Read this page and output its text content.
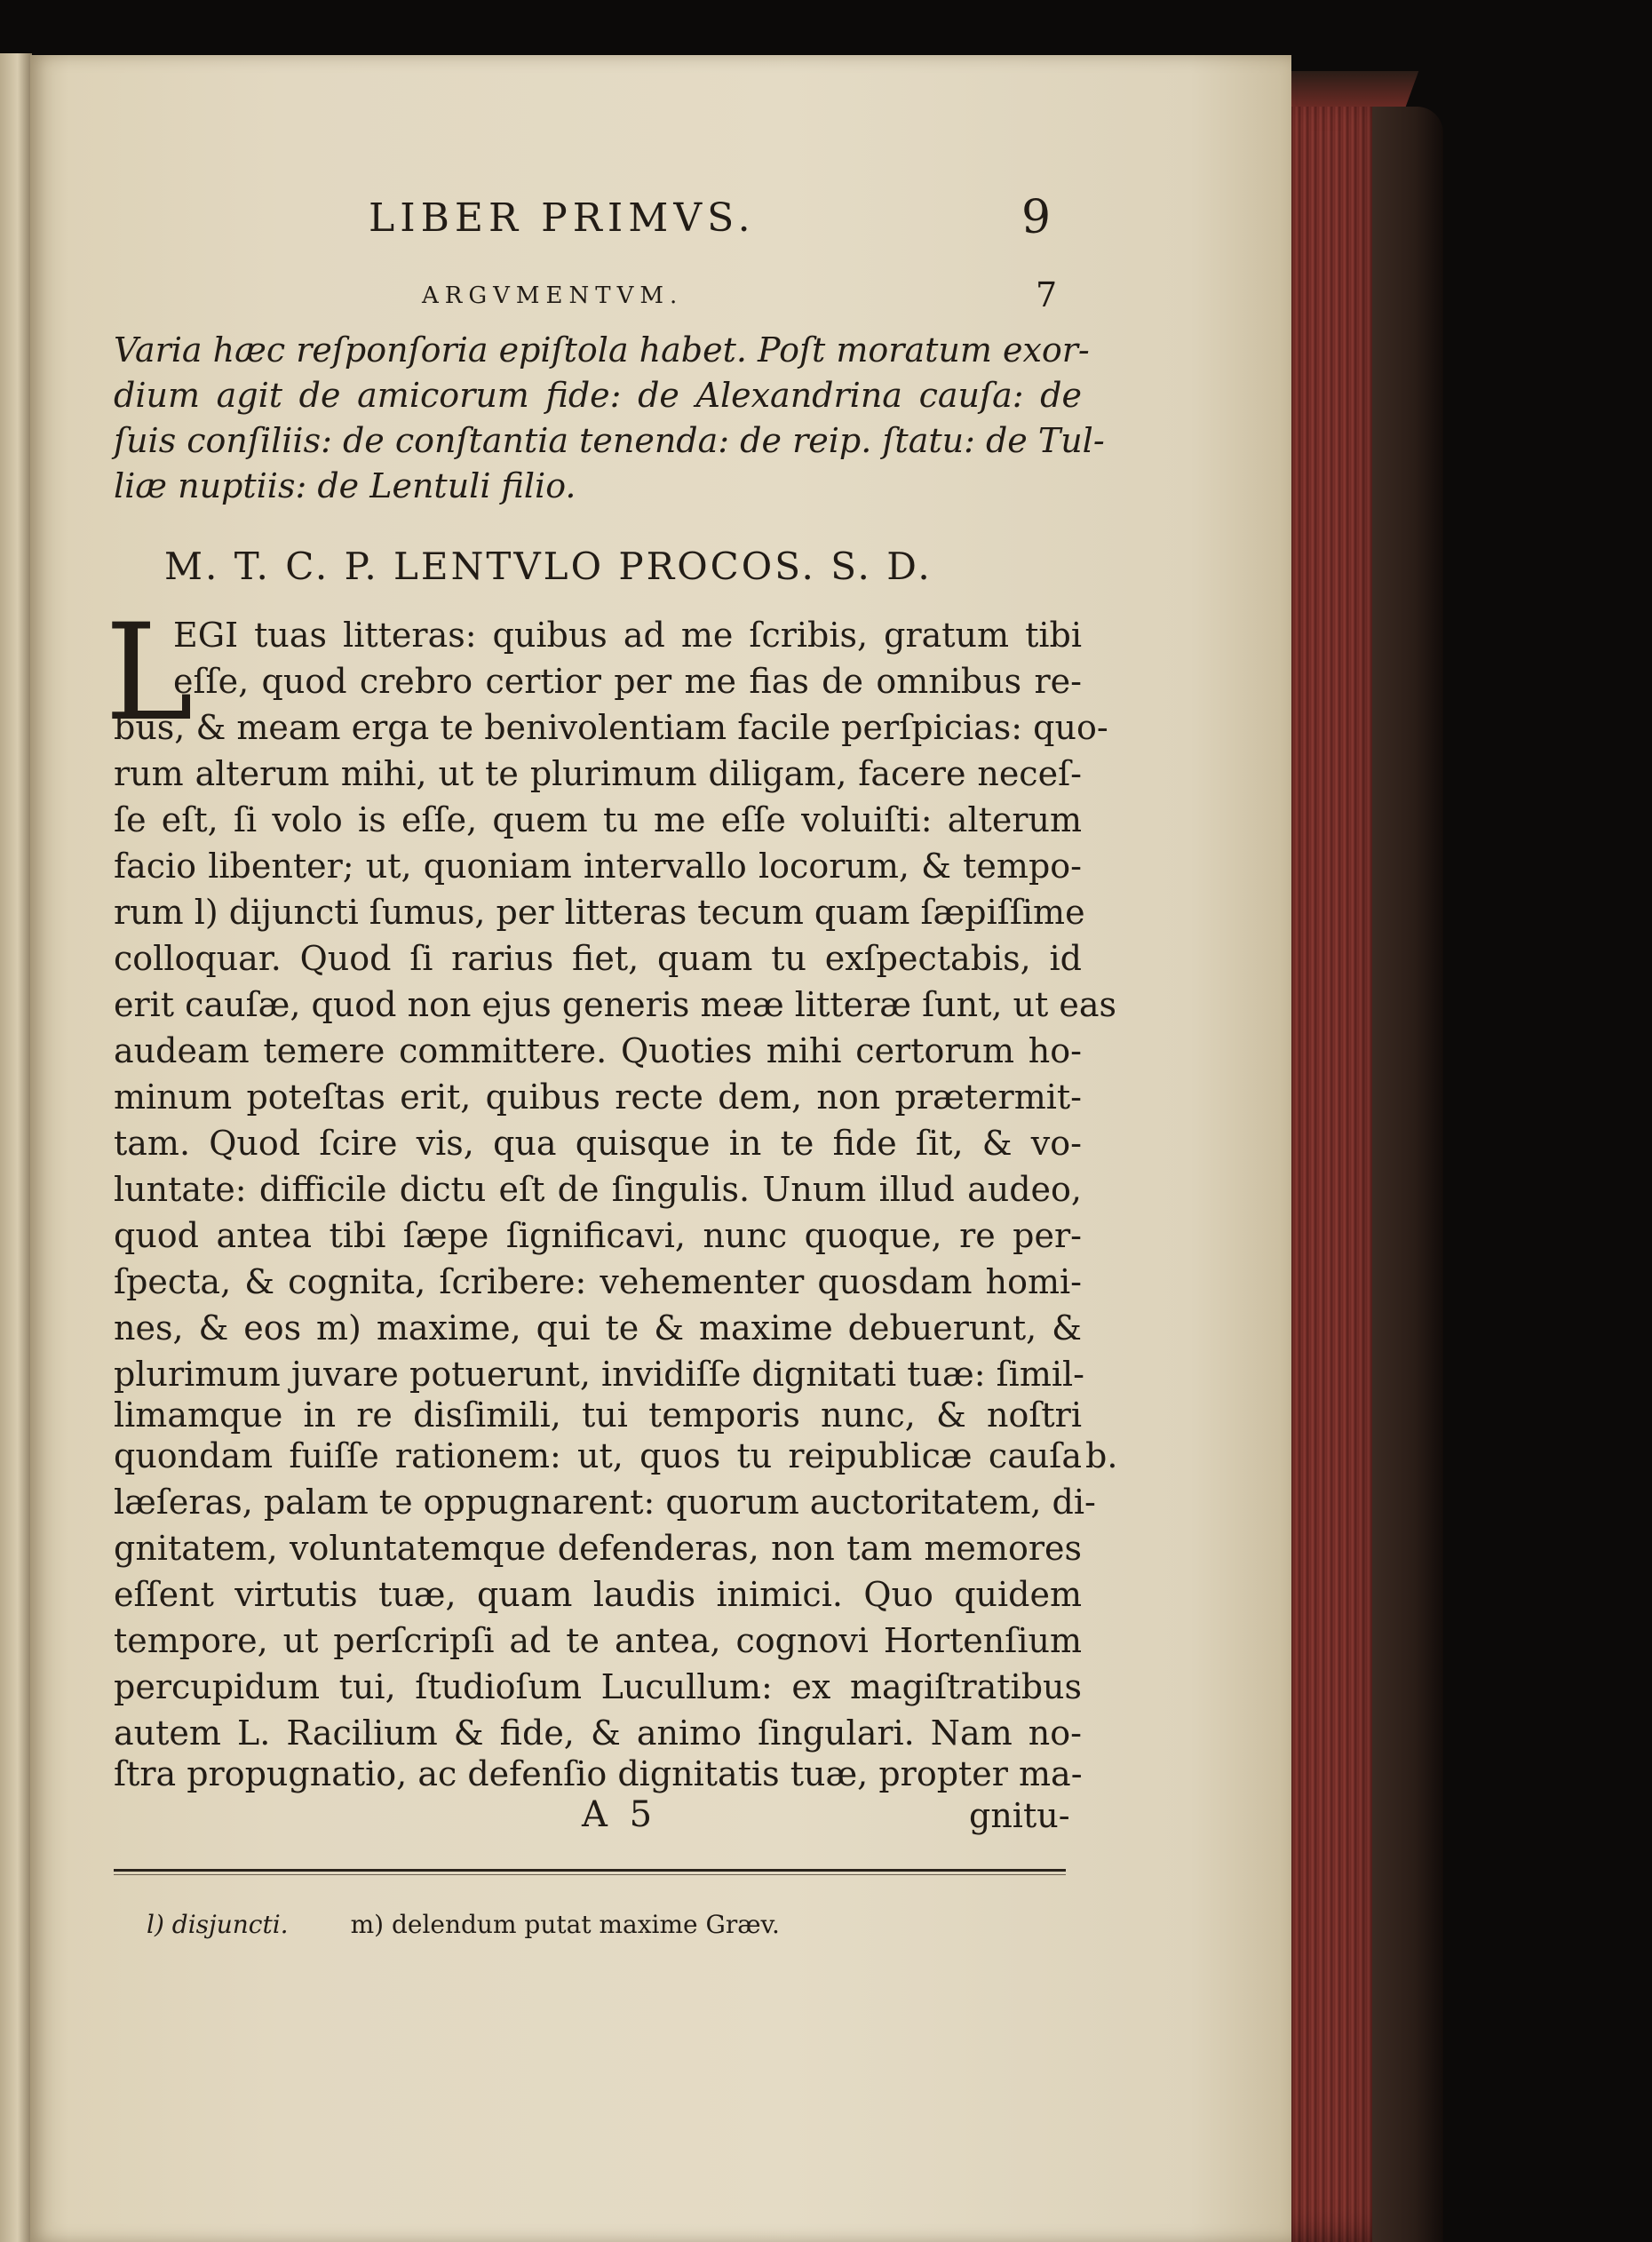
LIBER PRIMVS.	9
ARGVMENTVM.	7
Varia hæc reſponſoria epiſtola habet. Poſt moratum exor-
dium agit de amicorum fide: de Alexandrina cauſa: de
ſuis conſiliis: de conſtantia tenenda: de reip. ſtatu: de Tul-
liæ nuptiis: de Lentuli filio.
M. T. C. P. LENTVLO PROCOS. S. D.
L
EGI tuas litteras: quibus ad me ſcribis, gratum tibi
eſſe, quod crebro certior per me fias de omnibus re-
bus, & meam erga te benivolentiam facile perſpicias: quo-
rum alterum mihi, ut te plurimum diligam, facere neceſ-
ſe eſt, ſi volo is eſſe, quem tu me eſſe voluiſti: alterum
facio libenter; ut, quoniam intervallo locorum, & tempo-
rum l) dijuncti ſumus, per litteras tecum quam ſæpiſſime
colloquar. Quod ſi rarius fiet, quam tu exſpectabis, id
erit cauſæ, quod non ejus generis meæ litteræ ſunt, ut eas
audeam temere committere. Quoties mihi certorum ho-
minum poteſtas erit, quibus recte dem, non prætermit-
tam. Quod ſcire vis, qua quisque in te fide ſit, & vo-
luntate: difficile dictu eſt de ſingulis. Unum illud audeo,
quod antea tibi ſæpe ſignificavi, nunc quoque, re per-
ſpecta, & cognita, ſcribere: vehementer quosdam homi-
nes, & eos m) maxime, qui te & maxime debuerunt, &
plurimum juvare potuerunt, invidiſſe dignitati tuæ: ſimil-
limamque in re disſimili, tui temporis nunc, & noſtri
quondam fuiſſe rationem: ut, quos tu reipublicæ cauſa
læſeras, palam te oppugnarent: quorum auctoritatem, di-
gnitatem, voluntatemque defenderas, non tam memores
eſſent virtutis tuæ, quam laudis inimici. Quo quidem
tempore, ut perſcripſi ad te antea, cognovi Hortenſium
percupidum tui, ſtudioſum Lucullum: ex magiſtratibus
autem L. Racilium & fide, & animo ſingulari. Nam no-
ſtra propugnatio, ac defenſio dignitatis tuæ, propter ma-
b.
A 5	gnitu-
l) disjuncti.	m) delendum putat maxime Græv.
